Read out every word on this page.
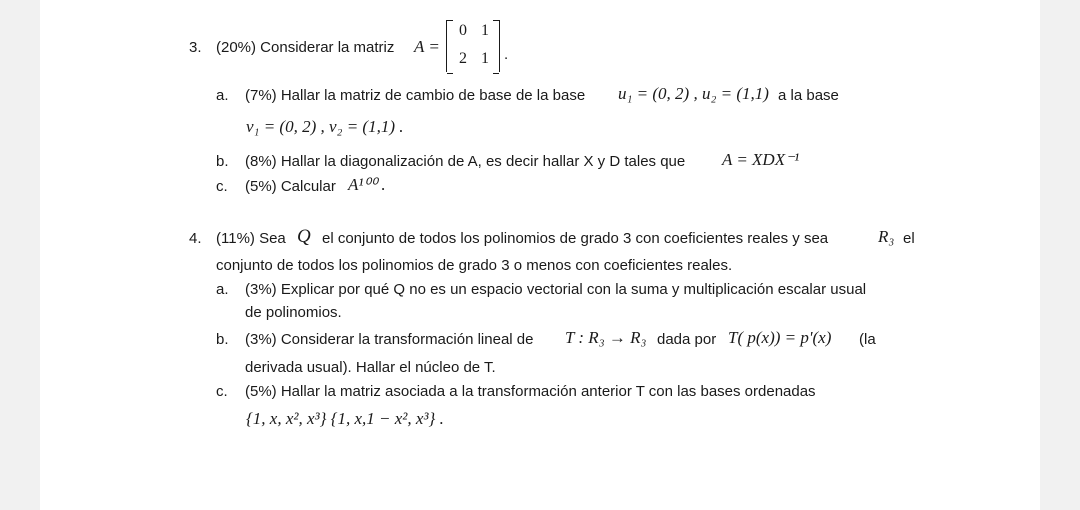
3. (20%) Considerar la matriz A =
0 1
2 1 .
a. (7%) Hallar la matriz de cambio de base de la base u₁ = (0, 2) , u₂ = (1,1) a la base
v₁ = (0, 2) , v₂ = (1,1) .
b. (8%) Hallar la diagonalización de A, es decir hallar X y D tales que A = XDX⁻¹
c. (5%) Calcular A¹⁰⁰ .
4. (11%) Sea Q el conjunto de todos los polinomios de grado 3 con coeficientes reales y sea	R₃ el
conjunto de todos los polinomios de grado 3 o menos con coeficientes reales.
a. (3%) Explicar por qué Q no es un espacio vectorial con la suma y multiplicación escalar usual
de polinomios.
b. (3%) Considerar la transformación lineal de T : R₃ → R₃ dada por T( p(x)) = p'(x) (la
derivada usual). Hallar el núcleo de T.
c. (5%) Hallar la matriz asociada a la transformación anterior T con las bases ordenadas
{1, x, x², x³} {1, x,1 − x², x³} .
